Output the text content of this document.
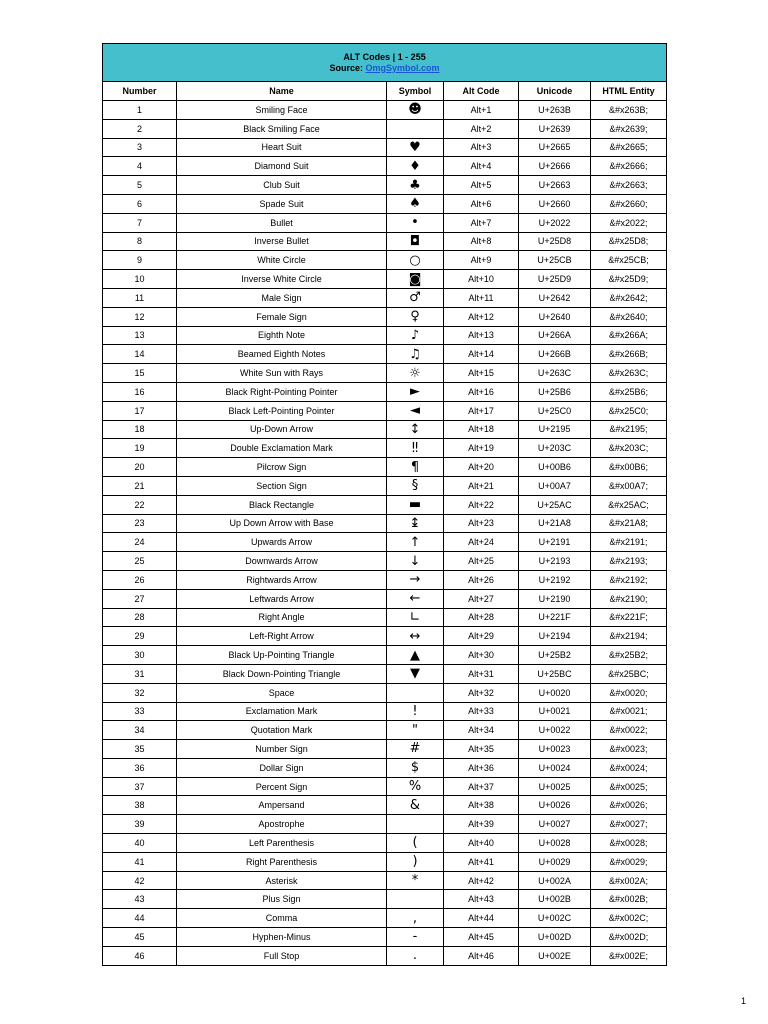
ALT Codes | 1 - 255
Source: OmgSymbol.com					

Number	Name	Symbol	Alt Code	Unicode	HTML Entity
1	Smiling Face	☻	Alt+1	U+263B	&#x263B;
2	Black Smiling Face		Alt+2	U+2639	&#x2639;
3	Heart Suit	♥	Alt+3	U+2665	&#x2665;
4	Diamond Suit	♦	Alt+4	U+2666	&#x2666;
5	Club Suit	♣	Alt+5	U+2663	&#x2663;
6	Spade Suit	♠	Alt+6	U+2660	&#x2660;
7	Bullet	•	Alt+7	U+2022	&#x2022;
8	Inverse Bullet	◘	Alt+8	U+25D8	&#x25D8;
9	White Circle	○	Alt+9	U+25CB	&#x25CB;
10	Inverse White Circle	◙	Alt+10	U+25D9	&#x25D9;
11	Male Sign	♂	Alt+11	U+2642	&#x2642;
12	Female Sign	♀	Alt+12	U+2640	&#x2640;
13	Eighth Note	♪	Alt+13	U+266A	&#x266A;
14	Beamed Eighth Notes	♫	Alt+14	U+266B	&#x266B;
15	White Sun with Rays	☼	Alt+15	U+263C	&#x263C;
16	Black Right-Pointing Pointer	►	Alt+16	U+25B6	&#x25B6;
17	Black Left-Pointing Pointer	◄	Alt+17	U+25C0	&#x25C0;
18	Up-Down Arrow	↕	Alt+18	U+2195	&#x2195;
19	Double Exclamation Mark	‼	Alt+19	U+203C	&#x203C;
20	Pilcrow Sign	¶	Alt+20	U+00B6	&#x00B6;
21	Section Sign	§	Alt+21	U+00A7	&#x00A7;
22	Black Rectangle	▬	Alt+22	U+25AC	&#x25AC;
23	Up Down Arrow with Base	↨	Alt+23	U+21A8	&#x21A8;
24	Upwards Arrow	↑	Alt+24	U+2191	&#x2191;
25	Downwards Arrow	↓	Alt+25	U+2193	&#x2193;
26	Rightwards Arrow	→	Alt+26	U+2192	&#x2192;
27	Leftwards Arrow	←	Alt+27	U+2190	&#x2190;
28	Right Angle	∟	Alt+28	U+221F	&#x221F;
29	Left-Right Arrow	↔	Alt+29	U+2194	&#x2194;
30	Black Up-Pointing Triangle	▲	Alt+30	U+25B2	&#x25B2;
31	Black Down-Pointing Triangle	▼	Alt+31	U+25BC	&#x25BC;
32	Space		Alt+32	U+0020	&#x0020;
33	Exclamation Mark	!	Alt+33	U+0021	&#x0021;
34	Quotation Mark	"	Alt+34	U+0022	&#x0022;
35	Number Sign	#	Alt+35	U+0023	&#x0023;
36	Dollar Sign	$	Alt+36	U+0024	&#x0024;
37	Percent Sign	%	Alt+37	U+0025	&#x0025;
38	Ampersand	&	Alt+38	U+0026	&#x0026;
39	Apostrophe		Alt+39	U+0027	&#x0027;
40	Left Parenthesis	(	Alt+40	U+0028	&#x0028;
41	Right Parenthesis	)	Alt+41	U+0029	&#x0029;
42	Asterisk	*	Alt+42	U+002A	&#x002A;
43	Plus Sign		Alt+43	U+002B	&#x002B;
44	Comma	,	Alt+44	U+002C	&#x002C;
45	Hyphen-Minus	-	Alt+45	U+002D	&#x002D;
46	Full Stop	.	Alt+46	U+002E	&#x002E;
1
